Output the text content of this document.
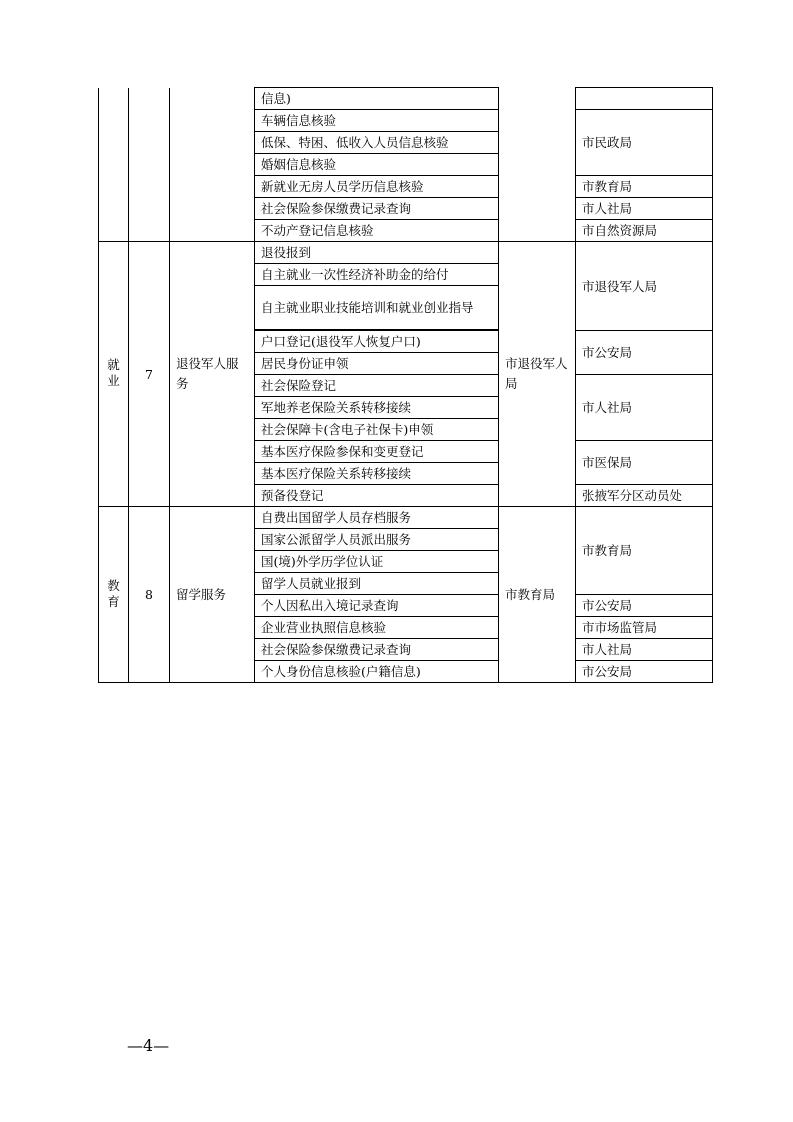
			信息)		
			车辆信息核验		市民政局
			低保、特困、低收入人员信息核验		
			婚姻信息核验		
			新就业无房人员学历信息核验		市教育局
			社会保险参保缴费记录查询		市人社局
			不动产登记信息核验		市自然资源局
就业	7	退役军人服务	退役报到	市退役军人局	市退役军人局
			自主就业一次性经济补助金的给付		
			自主就业职业技能培训和就业创业指导		

			户口登记(退役军人恢复户口)		市公安局
			居民身份证申领		
			社会保险登记		市人社局
			军地养老保险关系转移接续		
			社会保障卡(含电子社保卡)申领		
			基本医疗保险参保和变更登记		市医保局
			基本医疗保险关系转移接续		
			预备役登记		张掖军分区动员处
教育	8	留学服务	自费出国留学人员存档服务	市教育局	市教育局
			国家公派留学人员派出服务		
			国(境)外学历学位认证		
			留学人员就业报到		
			个人因私出入境记录查询		市公安局
			企业营业执照信息核验		市市场监管局
			社会保险参保缴费记录查询		市人社局
			个人身份信息核验(户籍信息)		市公安局
—4—
